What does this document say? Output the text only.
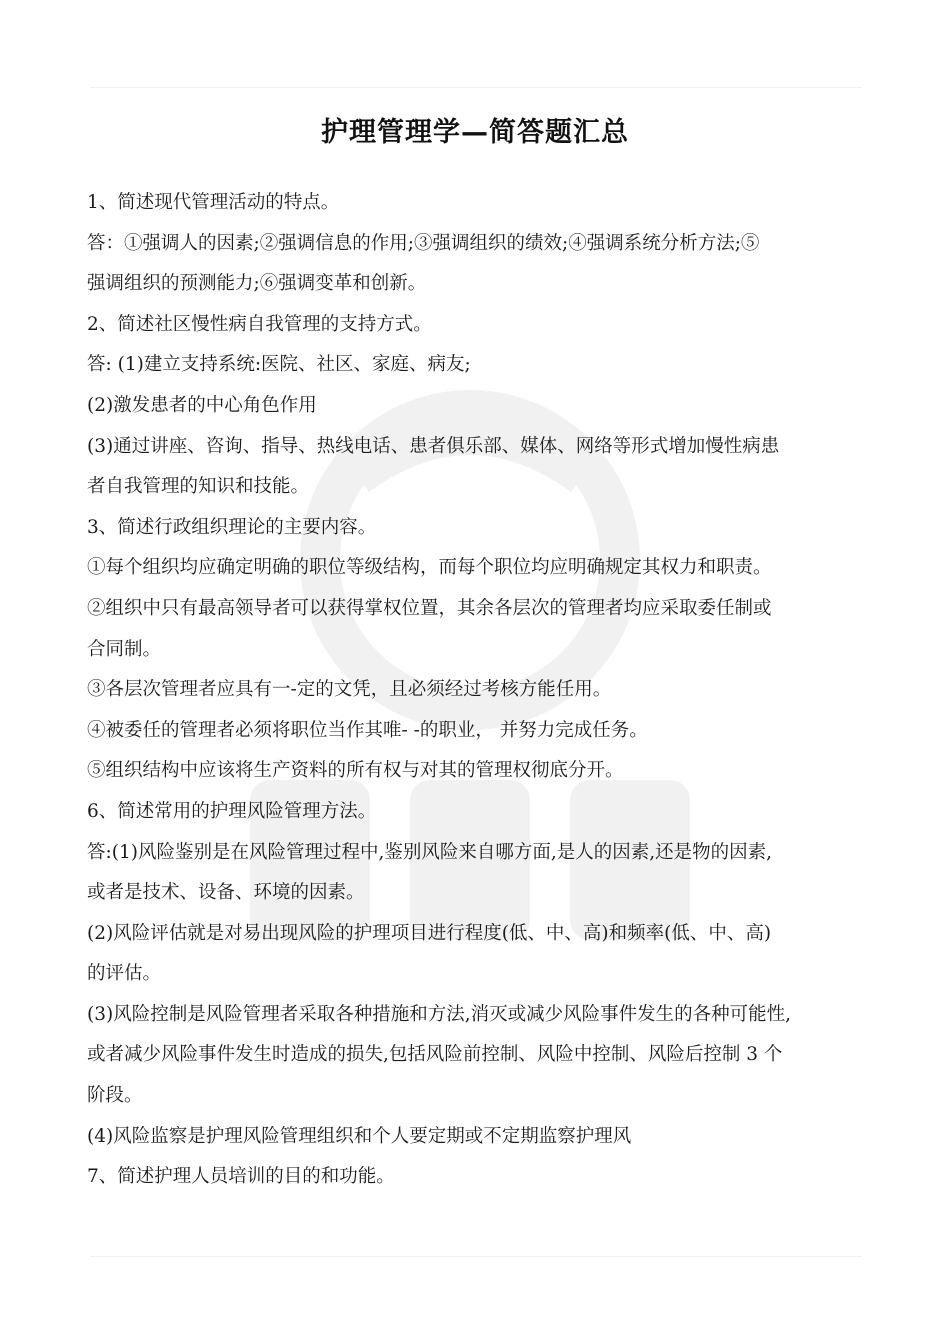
护理管理学—简答题汇总
1、简述现代管理活动的特点。
答：①强调人的因素;②强调信息的作用;③强调组织的绩效;④强调系统分析方法;⑤
强调组织的预测能力;⑥强调变革和创新。
2、简述社区慢性病自我管理的支持方式。
答: (1)建立支持系统:医院、社区、家庭、病友;
(2)激发患者的中心角色作用
(3)通过讲座、咨询、指导、热线电话、患者俱乐部、媒体、网络等形式增加慢性病患
者自我管理的知识和技能。
3、简述行政组织理论的主要内容。
①每个组织均应确定明确的职位等级结构，而每个职位均应明确规定其权力和职责。
②组织中只有最高领导者可以获得掌权位置，其余各层次的管理者均应采取委任制或
合同制。
③各层次管理者应具有一-定的文凭，且必须经过考核方能任用。
④被委任的管理者必须将职位当作其唯- -的职业， 并努力完成任务。
⑤组织结构中应该将生产资料的所有权与对其的管理权彻底分开。
6、简述常用的护理风险管理方法。
答:(1)风险鉴别是在风险管理过程中,鉴别风险来自哪方面,是人的因素,还是物的因素,
或者是技术、设备、环境的因素。
(2)风险评估就是对易出现风险的护理项目进行程度(低、中、高)和频率(低、中、高)
的评估。
(3)风险控制是风险管理者采取各种措施和方法,消灭或减少风险事件发生的各种可能性,
或者减少风险事件发生时造成的损失,包括风险前控制、风险中控制、风险后控制 3 个
阶段。
(4)风险监察是护理风险管理组织和个人要定期或不定期监察护理风
7、简述护理人员培训的目的和功能。
